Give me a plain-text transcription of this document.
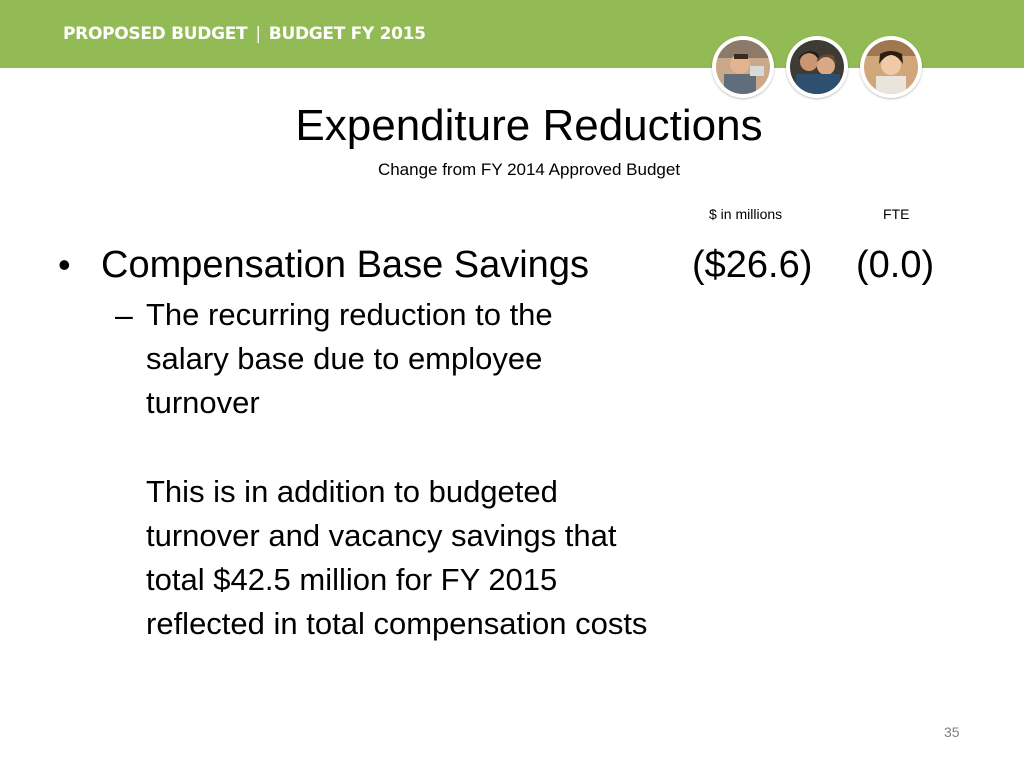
PROPOSED BUDGET | BUDGET FY 2015
Expenditure Reductions
Change from FY 2014 Approved Budget
$ in millions	FTE
• Compensation Base Savings	($26.6) (0.0)
– The recurring reduction to the
salary base due to employee
turnover
This is in addition to budgeted
turnover and vacancy savings that
total $42.5 million for FY 2015
reflected in total compensation costs
35
